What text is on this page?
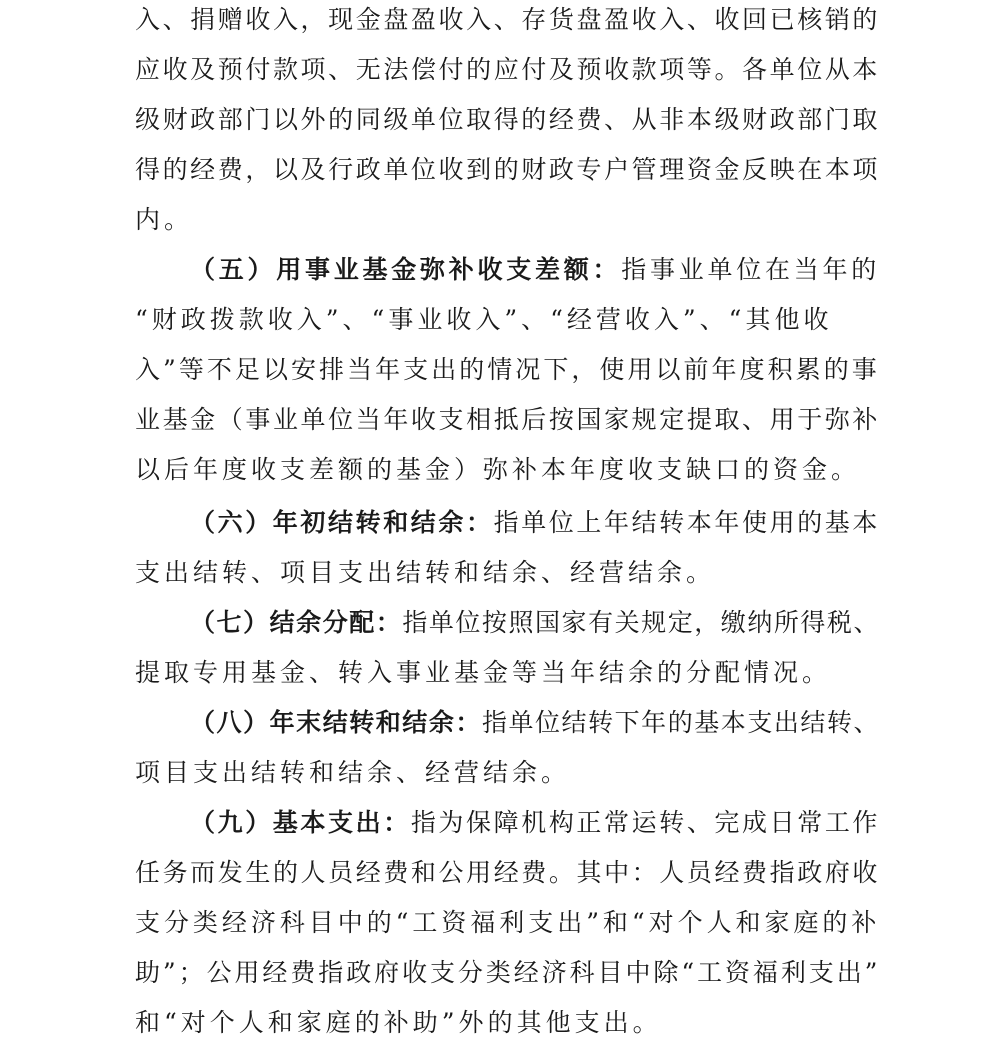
入、捐赠收入，现金盘盈收入、存货盘盈收入、收回已核销的
应收及预付款项、无法偿付的应付及预收款项等。各单位从本
级财政部门以外的同级单位取得的经费、从非本级财政部门取
得的经费，以及行政单位收到的财政专户管理资金反映在本项
内。
（五）用事业基金弥补收支差额：指事业单位在当年的
“财政拨款收入”、“事业收入”、“经营收入”、“其他收
入”等不足以安排当年支出的情况下，使用以前年度积累的事
业基金（事业单位当年收支相抵后按国家规定提取、用于弥补
以后年度收支差额的基金）弥补本年度收支缺口的资金。
（六）年初结转和结余：指单位上年结转本年使用的基本
支出结转、项目支出结转和结余、经营结余。
（七）结余分配：指单位按照国家有关规定，缴纳所得税、
提取专用基金、转入事业基金等当年结余的分配情况。
（八）年末结转和结余：指单位结转下年的基本支出结转、
项目支出结转和结余、经营结余。
（九）基本支出：指为保障机构正常运转、完成日常工作
任务而发生的人员经费和公用经费。其中：人员经费指政府收
支分类经济科目中的“工资福利支出”和“对个人和家庭的补
助”；公用经费指政府收支分类经济科目中除“工资福利支出”
和“对个人和家庭的补助”外的其他支出。
